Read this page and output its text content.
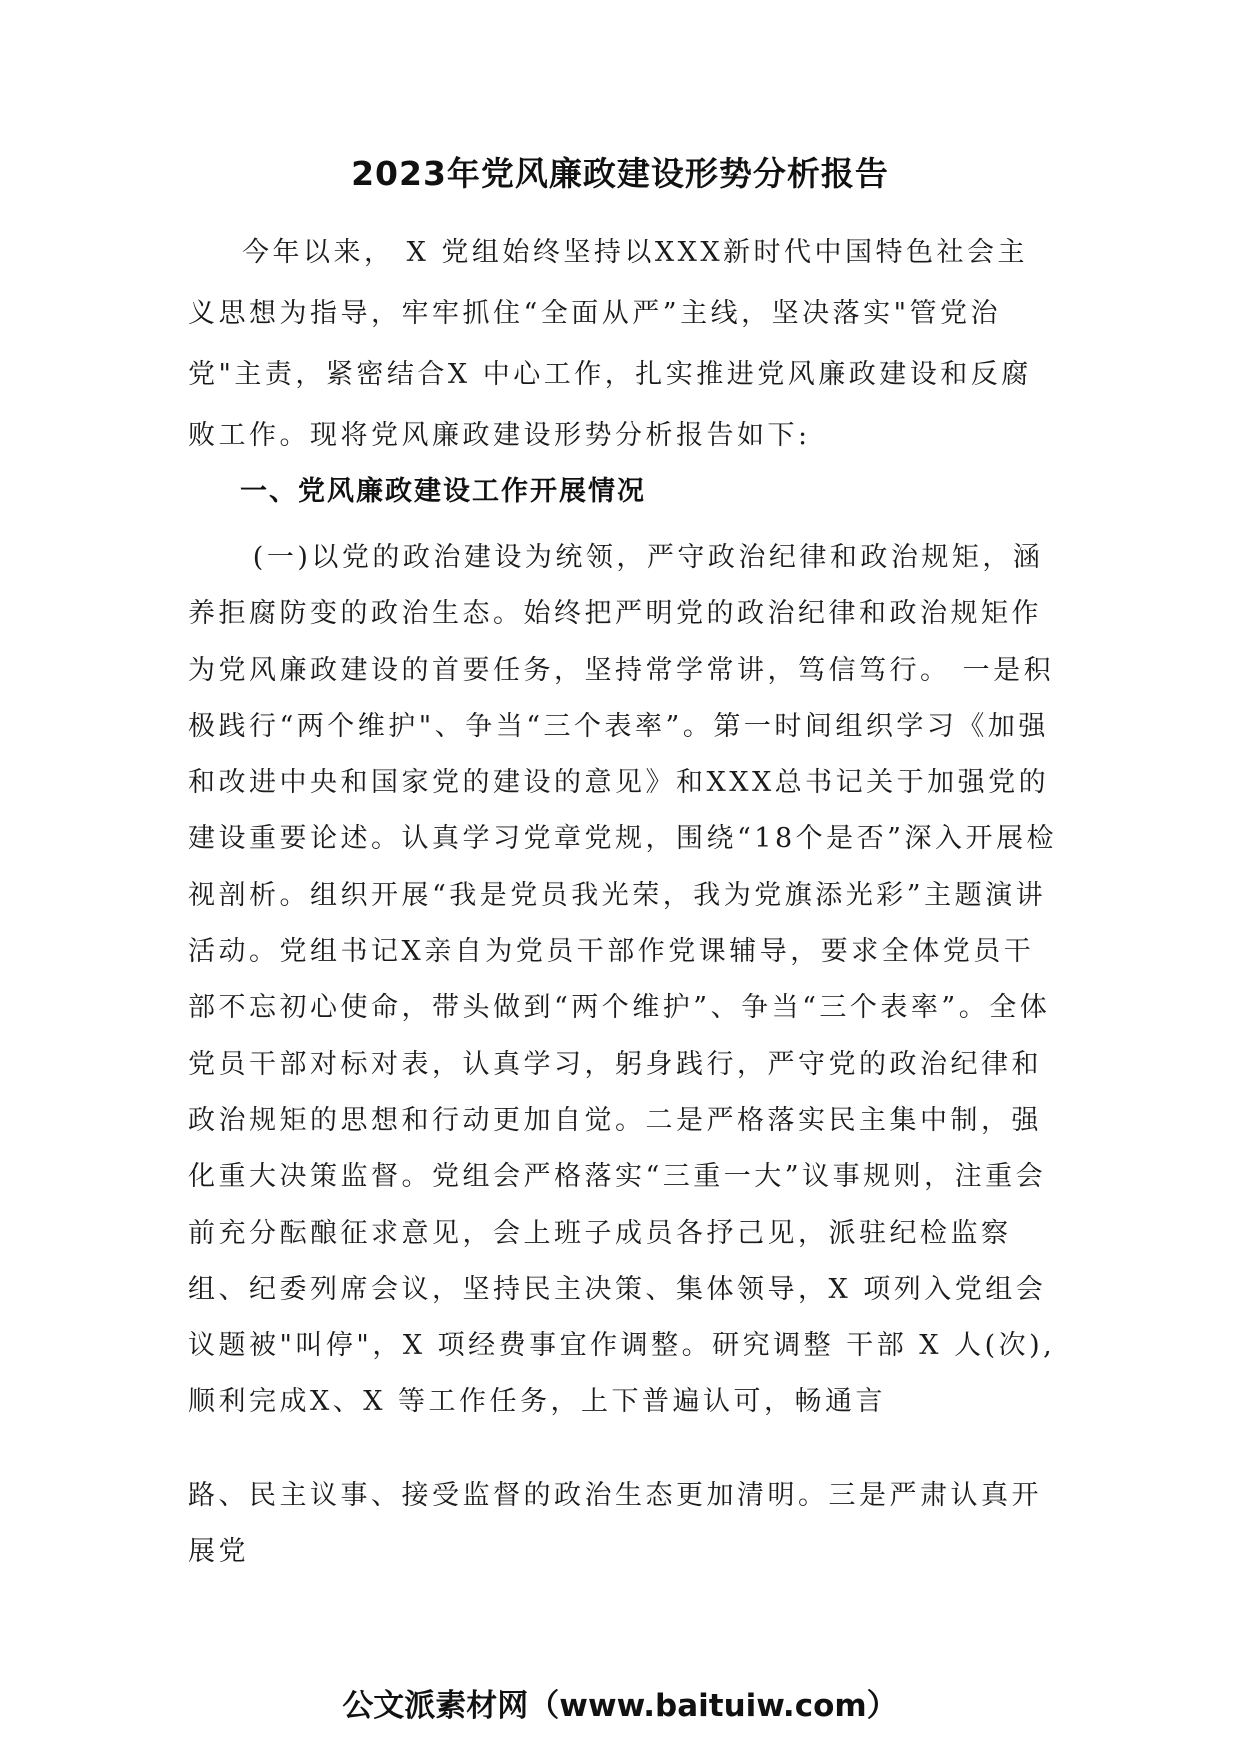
2023年党风廉政建设形势分析报告
今年以来， X 党组始终坚持以XXX新时代中国特色社会主义思想为指导，牢牢抓住“全面从严”主线，坚决落实"管党治党"主责，紧密结合X 中心工作，扎实推进党风廉政建设和反腐败工作。现将党风廉政建设形势分析报告如下:
一、党风廉政建设工作开展情况
(一)以党的政治建设为统领，严守政治纪律和政治规矩，涵养拒腐防变的政治生态。始终把严明党的政治纪律和政治规矩作为党风廉政建设的首要任务，坚持常学常讲，笃信笃行。 一是积极践行“两个维护"、争当“三个表率”。第一时间组织学习《加强和改进中央和国家党的建设的意见》和XXX总书记关于加强党的建设重要论述。认真学习党章党规，围绕“18个是否”深入开展检视剖析。组织开展“我是党员我光荣，我为党旗添光彩”主题演讲活动。党组书记X亲自为党员干部作党课辅导，要求全体党员干部不忘初心使命，带头做到“两个维护”、争当“三个表率”。全体党员干部对标对表，认真学习，躬身践行，严守党的政治纪律和政治规矩的思想和行动更加自觉。二是严格落实民主集中制，强化重大决策监督。党组会严格落实“三重一大”议事规则，注重会前充分酝酿征求意见，会上班子成员各抒己见，派驻纪检监察组、纪委列席会议，坚持民主决策、集体领导，X 项列入党组会议题被"叫停"，X 项经费事宜作调整。研究调整 干部 X 人(次),顺利完成X、X 等工作任务，上下普遍认可，畅通言
路、民主议事、接受监督的政治生态更加清明。三是严肃认真开展党
公文派素材网（www.baituiw.com）
